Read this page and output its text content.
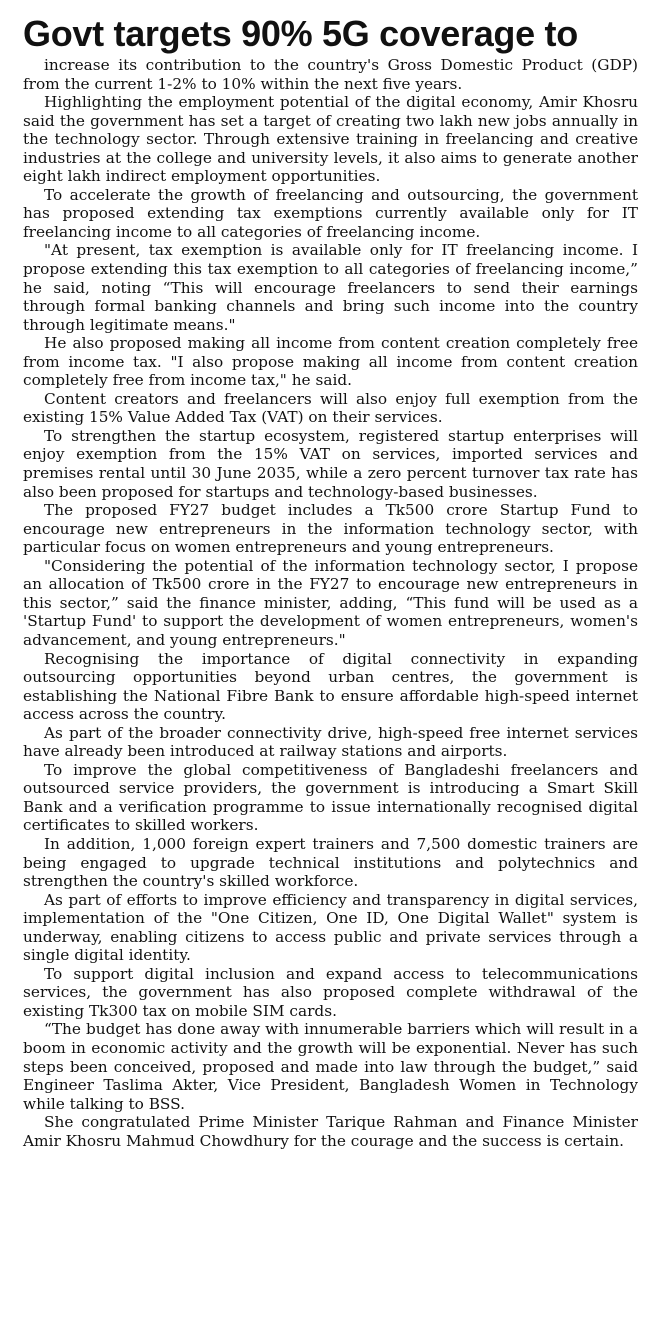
Govt targets 90% 5G coverage to

increase its contribution to the country's Gross Domestic Product (GDP) from the current 1-2% to 10% within the next five years.

Highlighting the employment potential of the digital economy, Amir Khosru said the government has set a target of creating two lakh new jobs annually in the technology sector. Through extensive training in freelancing and creative industries at the college and university levels, it also aims to generate another eight lakh indirect employment opportunities.

To accelerate the growth of freelancing and outsourcing, the government has proposed extending tax exemptions currently available only for IT freelancing income to all categories of freelancing income.

"At present, tax exemption is available only for IT freelancing income. I propose extending this tax exemption to all categories of freelancing income,” he said, noting “This will encourage freelancers to send their earnings through formal banking channels and bring such income into the country through legitimate means."

He also proposed making all income from content creation completely free from income tax. "I also propose making all income from content creation completely free from income tax," he said.

Content creators and freelancers will also enjoy full exemption from the existing 15% Value Added Tax (VAT) on their services.

To strengthen the startup ecosystem, registered startup enterprises will enjoy exemption from the 15% VAT on services, imported services and premises rental until 30 June 2035, while a zero percent turnover tax rate has also been proposed for startups and technology-based businesses.

The proposed FY27 budget includes a Tk500 crore Startup Fund to encourage new entrepreneurs in the information technology sector, with particular focus on women entrepreneurs and young entrepreneurs.

"Considering the potential of the information technology sector, I propose an allocation of Tk500 crore in the FY27 to encourage new entrepreneurs in this sector,” said the finance minister, adding, “This fund will be used as a 'Startup Fund' to support the development of women entrepreneurs, women's advancement, and young entrepreneurs."

Recognising the importance of digital connectivity in expanding outsourcing opportunities beyond urban centres, the government is establishing the National Fibre Bank to ensure affordable high-speed internet access across the country.

As part of the broader connectivity drive, high-speed free internet services have already been introduced at railway stations and airports.

To improve the global competitiveness of Bangladeshi freelancers and outsourced service providers, the government is introducing a Smart Skill Bank and a verification programme to issue internationally recognised digital certificates to skilled workers.

In addition, 1,000 foreign expert trainers and 7,500 domestic trainers are being engaged to upgrade technical institutions and polytechnics and strengthen the country's skilled workforce.

As part of efforts to improve efficiency and transparency in digital services, implementation of the "One Citizen, One ID, One Digital Wallet" system is underway, enabling citizens to access public and private services through a single digital identity.

To support digital inclusion and expand access to telecommunications services, the government has also proposed complete withdrawal of the existing Tk300 tax on mobile SIM cards.

“The budget has done away with innumerable barriers which will result in a boom in economic activity and the growth will be exponential. Never has such steps been conceived, proposed and made into law through the budget,” said Engineer Taslima Akter, Vice President, Bangladesh Women in Technology while talking to BSS.

She congratulated Prime Minister Tarique Rahman and Finance Minister Amir Khosru Mahmud Chowdhury for the courage and the success is certain.
